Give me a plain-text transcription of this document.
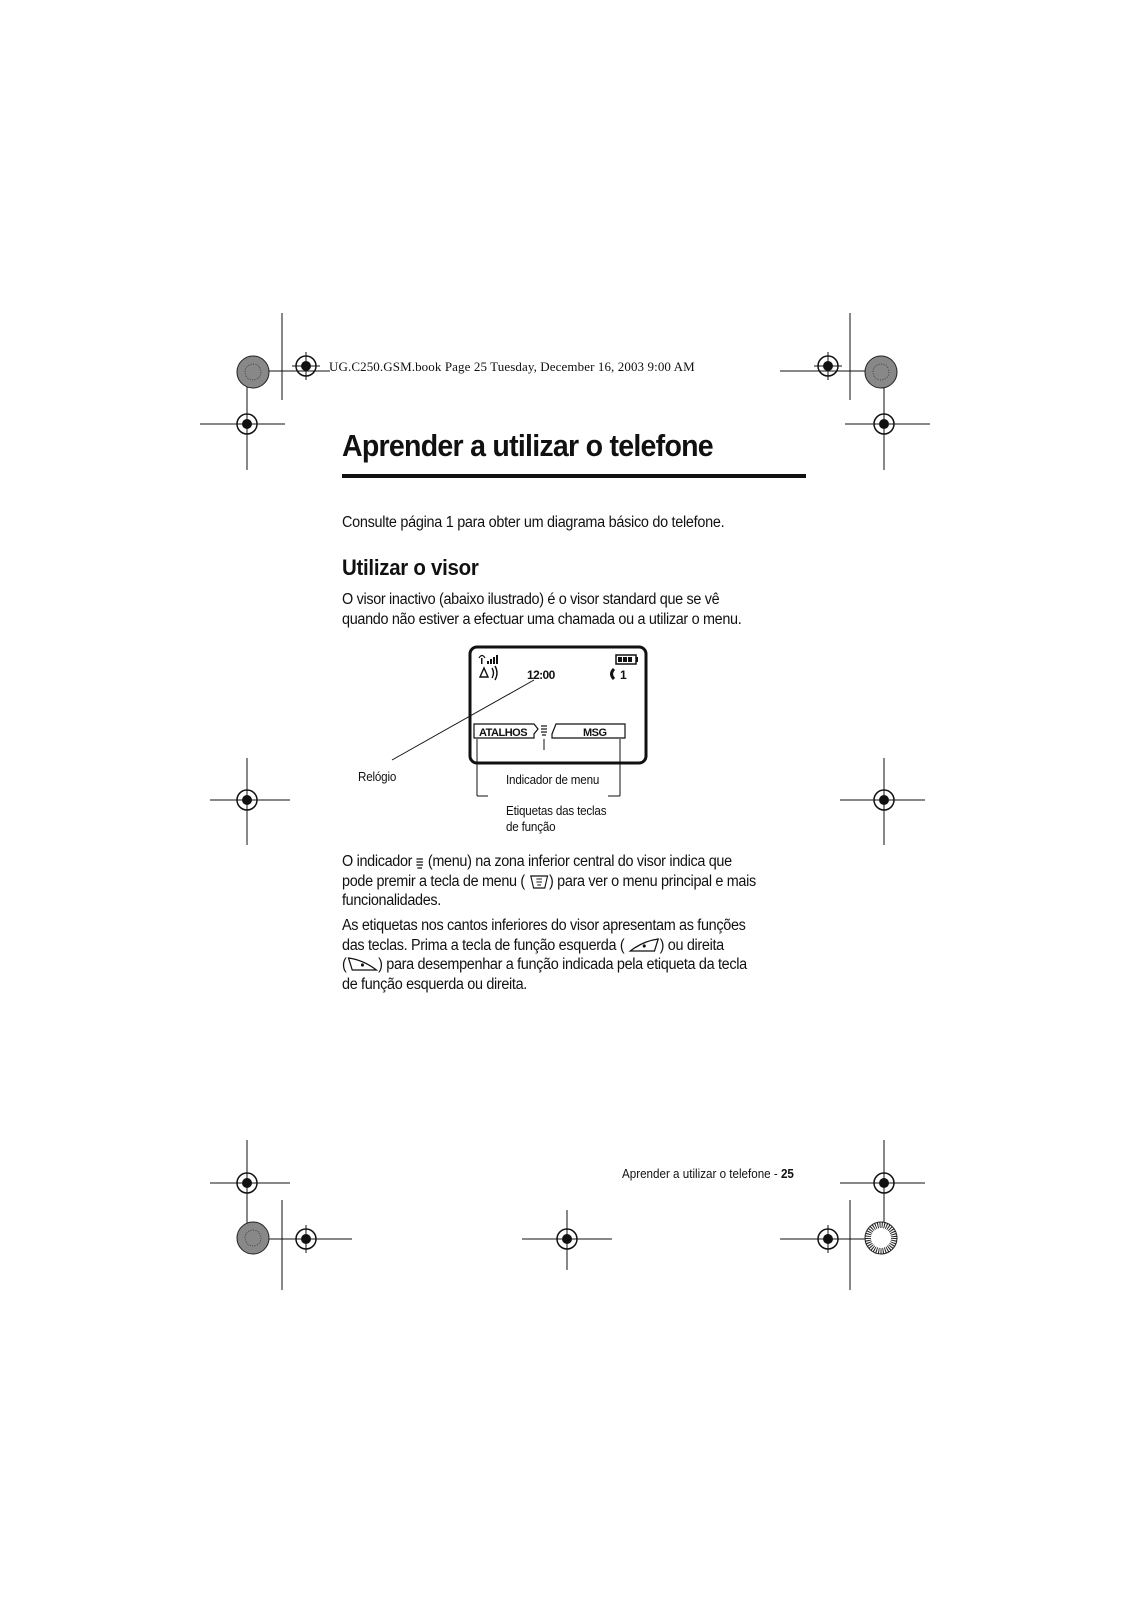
UG.C250.GSM.book Page 25 Tuesday, December 16, 2003 9:00 AM
Aprender a utilizar o telefone
Consulte página 1 para obter um diagrama básico do telefone.
Utilizar o visor
O visor inactivo (abaixo ilustrado) é o visor standard que se vê
quando não estiver a efectuar uma chamada ou a utilizar o menu.
12:00	1
ATALHOS	MSG
Relógio	Indicador de menu
Etiquetas das teclas
de função
O indicador (menu) na zona inferior central do visor indica que
pode premir a tecla de menu ( ) para ver o menu principal e mais
funcionalidades.
As etiquetas nos cantos inferiores do visor apresentam as funções
das teclas. Prima a tecla de função esquerda ( ) ou direita
( ) para desempenhar a função indicada pela etiqueta da tecla
de função esquerda ou direita.
Aprender a utilizar o telefone - 25
